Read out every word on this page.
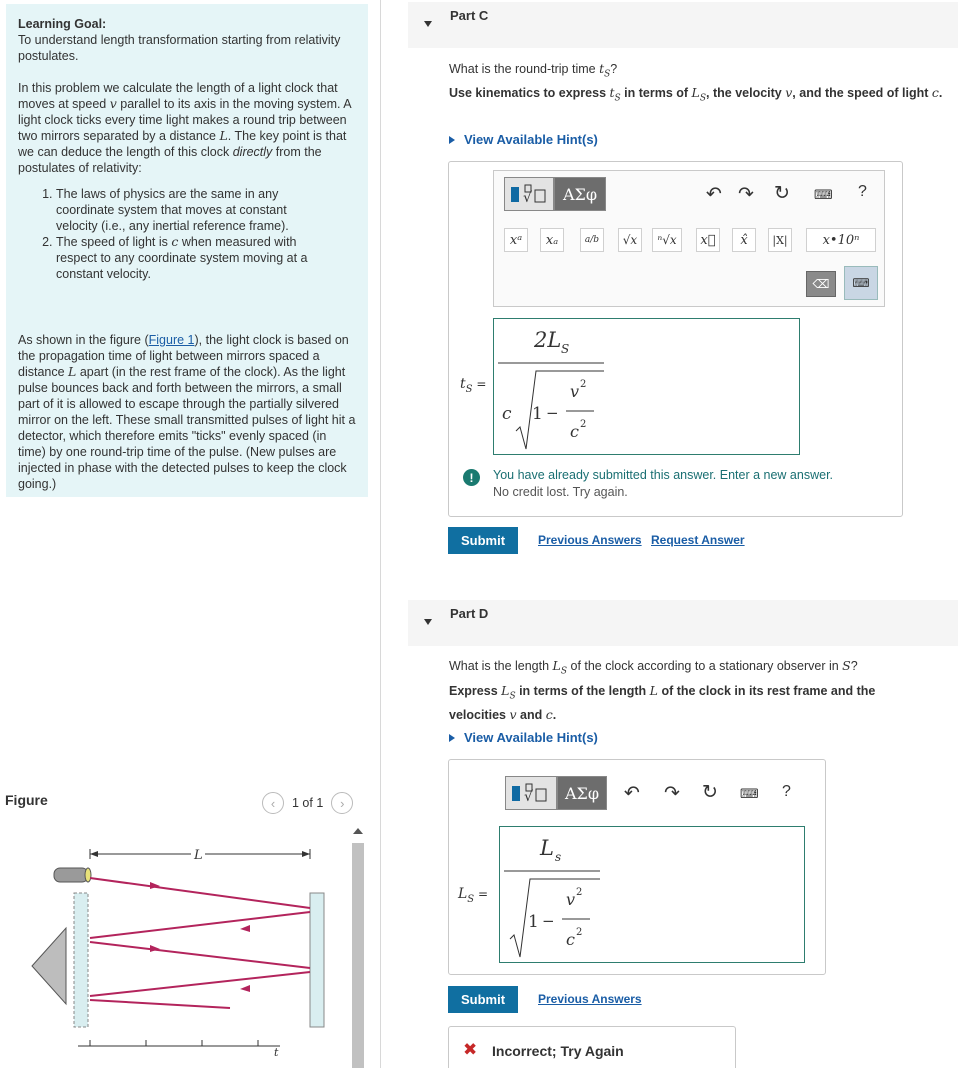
Learning Goal:
To understand length transformation starting from relativity postulates.

In this problem we calculate the length of a light clock that moves at speed v parallel to its axis in the moving system. A light clock ticks every time light makes a round trip between two mirrors separated by a distance L. The key point is that we can deduce the length of this clock directly from the postulates of relativity:

1. The laws of physics are the same in any coordinate system that moves at constant velocity (i.e., any inertial reference frame).
2. The speed of light is c when measured with respect to any coordinate system moving at a constant velocity.

As shown in the figure (Figure 1), the light clock is based on the propagation time of light between mirrors spaced a distance L apart (in the rest frame of the clock). As the light pulse bounces back and forth between the mirrors, a small part of it is allowed to escape through the partially silvered mirror on the left. These small transmitted pulses of light hit a detector, which therefore emits "ticks" evenly spaced (in time) by one round-trip time of the pulse. (New pulses are injected in phase with the detected pulses to keep the clock going.)

Figure	‹	1 of 1	›
L
t
Part C
What is the round-trip time $t_S$?
Use kinematics to express $t_S$ in terms of $L_S$, the velocity v, and the speed of light c.
View Available Hint(s)
√	ΑΣφ	↶ ↷ ↻ ⌨ ?
xᵃ	xₐ	a/b	√x	ⁿ√x	x⃗	x̂	|X|	x•10ⁿ
⌫ ⌨
$t_S$ =
2L S
c 1 −
v 2
c 2
!	You have already submitted this answer. Enter a new answer.
No credit lost. Try again.
Submit	Previous Answers Request Answer
Part D
What is the length $L_S$ of the clock according to a stationary observer in S?
Express $L_S$ in terms of the length L of the clock in its rest frame and the velocities v and c.
View Available Hint(s)
√	ΑΣφ	↶ ↷ ↻ ⌨ ?
$L_S$ =
L s
1 −
v 2
c 2
Submit	Previous Answers
✖ Incorrect; Try Again
